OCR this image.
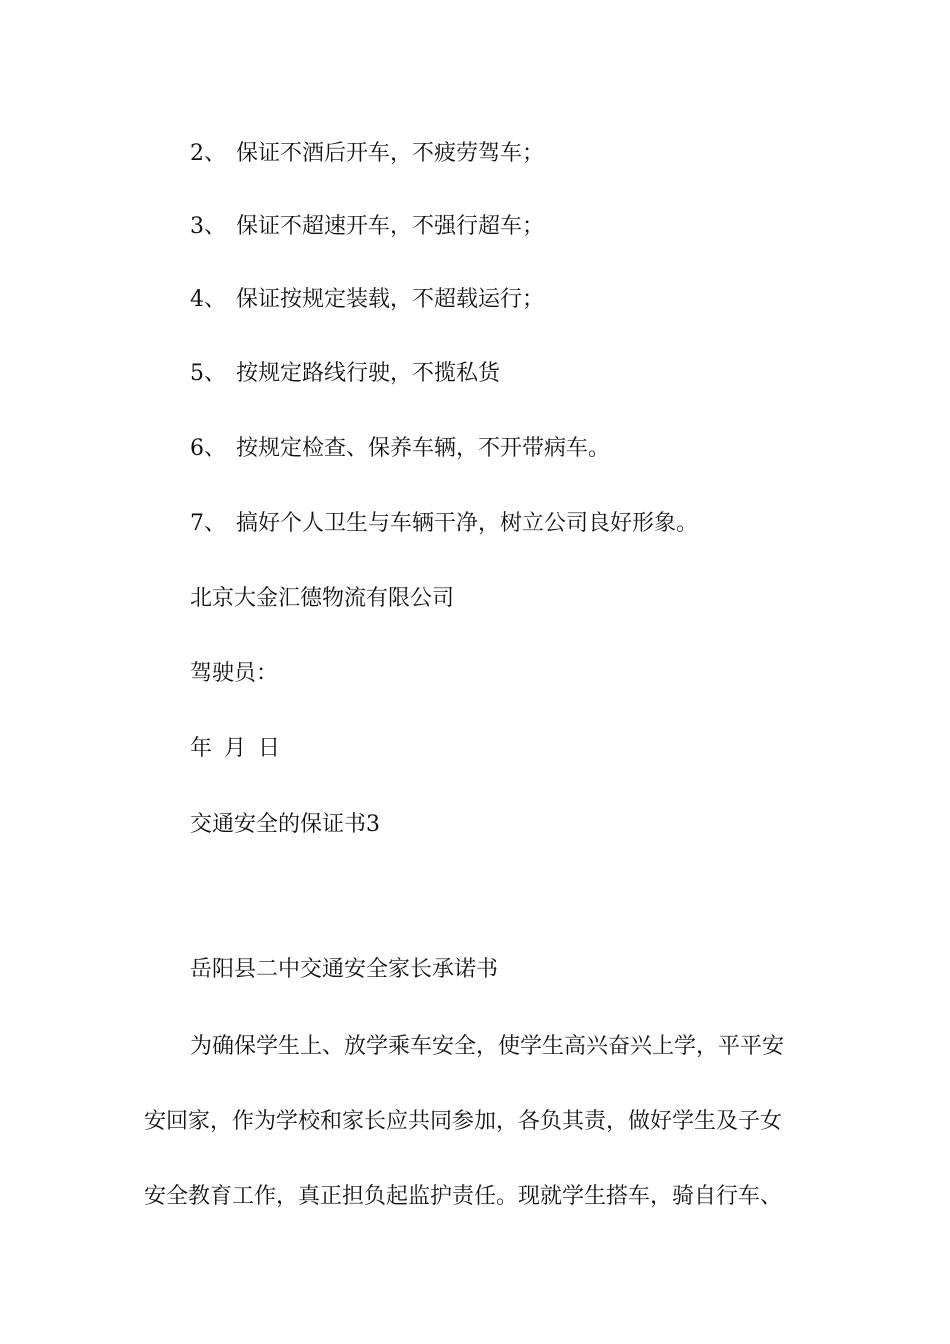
2、 保证不酒后开车，不疲劳驾车；
3、 保证不超速开车，不强行超车；
4、 保证按规定装载，不超载运行；
5、 按规定路线行驶，不揽私货
6、 按规定检查、保养车辆，不开带病车。
7、 搞好个人卫生与车辆干净，树立公司良好形象。
北京大金汇德物流有限公司
驾驶员：
年 月 日
交通安全的保证书3
岳阳县二中交通安全家长承诺书
为确保学生上、放学乘车安全，使学生高兴奋兴上学，平平安
安回家，作为学校和家长应共同参加，各负其责，做好学生及子女
安全教育工作，真正担负起监护责任。现就学生搭车，骑自行车、
